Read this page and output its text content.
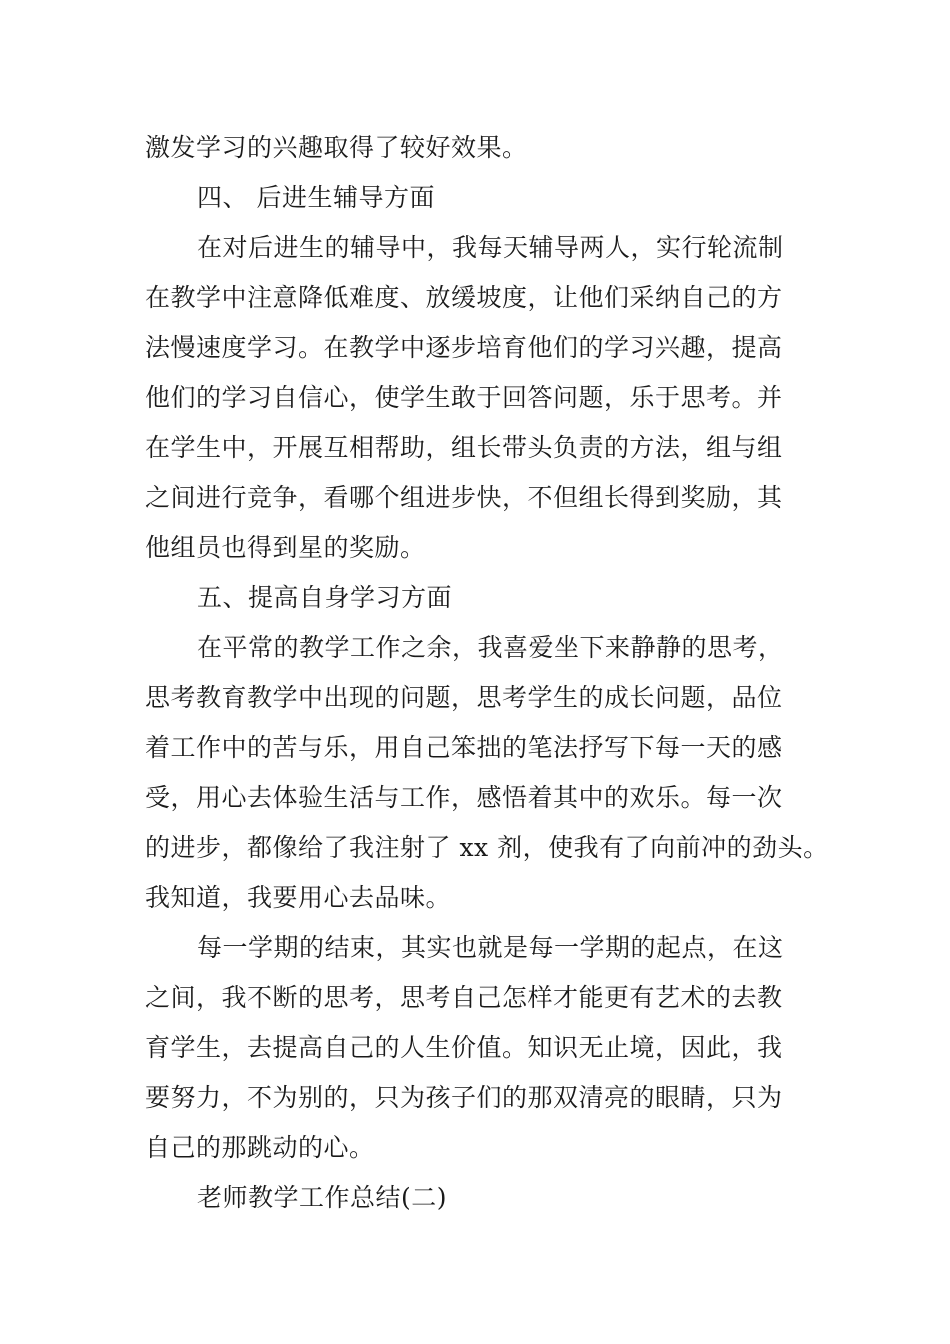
激发学习的兴趣取得了较好效果。
四、 后进生辅导方面
在对后进生的辅导中，我每天辅导两人，实行轮流制
在教学中注意降低难度、放缓坡度，让他们采纳自己的方
法慢速度学习。在教学中逐步培育他们的学习兴趣，提高
他们的学习自信心，使学生敢于回答问题，乐于思考。并
在学生中，开展互相帮助，组长带头负责的方法，组与组
之间进行竞争，看哪个组进步快，不但组长得到奖励，其
他组员也得到星的奖励。
五、提高自身学习方面
在平常的教学工作之余，我喜爱坐下来静静的思考，
思考教育教学中出现的问题，思考学生的成长问题，品位
着工作中的苦与乐，用自己笨拙的笔法抒写下每一天的感
受，用心去体验生活与工作，感悟着其中的欢乐。每一次
的进步，都像给了我注射了 xx 剂，使我有了向前冲的劲头。
我知道，我要用心去品味。
每一学期的结束，其实也就是每一学期的起点，在这
之间，我不断的思考，思考自己怎样才能更有艺术的去教
育学生，去提高自己的人生价值。知识无止境，因此，我
要努力，不为别的，只为孩子们的那双清亮的眼睛，只为
自己的那跳动的心。
老师教学工作总结(二)
